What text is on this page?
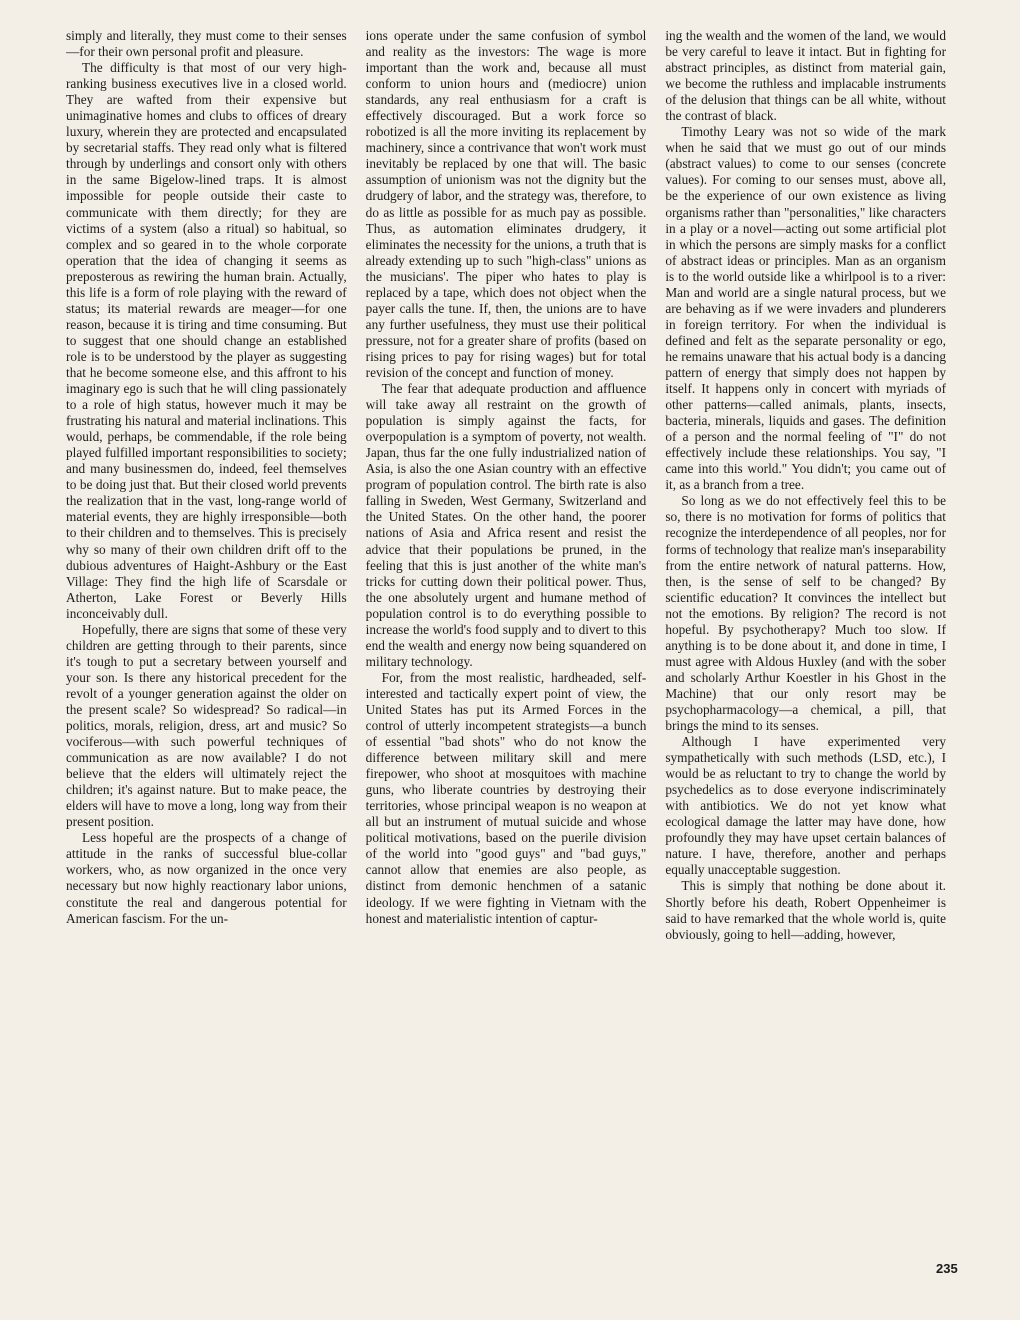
simply and literally, they must come to their senses—for their own personal profit and pleasure.

The difficulty is that most of our very high-ranking business executives live in a closed world. They are wafted from their expensive but unimaginative homes and clubs to offices of dreary luxury, wherein they are protected and encapsulated by secretarial staffs. They read only what is filtered through by underlings and consort only with others in the same Bigelow-lined traps. It is almost impossible for people outside their caste to communicate with them directly; for they are victims of a system (also a ritual) so habitual, so complex and so geared in to the whole corporate operation that the idea of changing it seems as preposterous as rewiring the human brain. Actually, this life is a form of role playing with the reward of status; its material rewards are meager—for one reason, because it is tiring and time consuming. But to suggest that one should change an established role is to be understood by the player as suggesting that he become someone else, and this affront to his imaginary ego is such that he will cling passionately to a role of high status, however much it may be frustrating his natural and material inclinations. This would, perhaps, be commendable, if the role being played fulfilled important responsibilities to society; and many businessmen do, indeed, feel themselves to be doing just that. But their closed world prevents the realization that in the vast, long-range world of material events, they are highly irresponsible—both to their children and to themselves. This is precisely why so many of their own children drift off to the dubious adventures of Haight-Ashbury or the East Village: They find the high life of Scarsdale or Atherton, Lake Forest or Beverly Hills inconceivably dull.

Hopefully, there are signs that some of these very children are getting through to their parents, since it's tough to put a secretary between yourself and your son. Is there any historical precedent for the revolt of a younger generation against the older on the present scale? So widespread? So radical—in politics, morals, religion, dress, art and music? So vociferous—with such powerful techniques of communication as are now available? I do not believe that the elders will ultimately reject the children; it's against nature. But to make peace, the elders will have to move a long, long way from their present position.

Less hopeful are the prospects of a change of attitude in the ranks of successful blue-collar workers, who, as now organized in the once very necessary but now highly reactionary labor unions, constitute the real and dangerous potential for American fascism. For the un-

ions operate under the same confusion of symbol and reality as the investors: The wage is more important than the work and, because all must conform to union hours and (mediocre) union standards, any real enthusiasm for a craft is effectively discouraged. But a work force so robotized is all the more inviting its replacement by machinery, since a contrivance that won't work must inevitably be replaced by one that will. The basic assumption of unionism was not the dignity but the drudgery of labor, and the strategy was, therefore, to do as little as possible for as much pay as possible. Thus, as automation eliminates drudgery, it eliminates the necessity for the unions, a truth that is already extending up to such "high-class" unions as the musicians'. The piper who hates to play is replaced by a tape, which does not object when the payer calls the tune. If, then, the unions are to have any further usefulness, they must use their political pressure, not for a greater share of profits (based on rising prices to pay for rising wages) but for total revision of the concept and function of money.

The fear that adequate production and affluence will take away all restraint on the growth of population is simply against the facts, for overpopulation is a symptom of poverty, not wealth. Japan, thus far the one fully industrialized nation of Asia, is also the one Asian country with an effective program of population control. The birth rate is also falling in Sweden, West Germany, Switzerland and the United States. On the other hand, the poorer nations of Asia and Africa resent and resist the advice that their populations be pruned, in the feeling that this is just another of the white man's tricks for cutting down their political power. Thus, the one absolutely urgent and humane method of population control is to do everything possible to increase the world's food supply and to divert to this end the wealth and energy now being squandered on military technology.

For, from the most realistic, hardheaded, self-interested and tactically expert point of view, the United States has put its Armed Forces in the control of utterly incompetent strategists—a bunch of essential "bad shots" who do not know the difference between military skill and mere firepower, who shoot at mosquitoes with machine guns, who liberate countries by destroying their territories, whose principal weapon is no weapon at all but an instrument of mutual suicide and whose political motivations, based on the puerile division of the world into "good guys" and "bad guys," cannot allow that enemies are also people, as distinct from demonic henchmen of a satanic ideology. If we were fighting in Vietnam with the honest and materialistic intention of captur-

ing the wealth and the women of the land, we would be very careful to leave it intact. But in fighting for abstract principles, as distinct from material gain, we become the ruthless and implacable instruments of the delusion that things can be all white, without the contrast of black.

Timothy Leary was not so wide of the mark when he said that we must go out of our minds (abstract values) to come to our senses (concrete values). For coming to our senses must, above all, be the experience of our own existence as living organisms rather than "personalities," like characters in a play or a novel—acting out some artificial plot in which the persons are simply masks for a conflict of abstract ideas or principles. Man as an organism is to the world outside like a whirlpool is to a river: Man and world are a single natural process, but we are behaving as if we were invaders and plunderers in foreign territory. For when the individual is defined and felt as the separate personality or ego, he remains unaware that his actual body is a dancing pattern of energy that simply does not happen by itself. It happens only in concert with myriads of other patterns—called animals, plants, insects, bacteria, minerals, liquids and gases. The definition of a person and the normal feeling of "I" do not effectively include these relationships. You say, "I came into this world." You didn't; you came out of it, as a branch from a tree.

So long as we do not effectively feel this to be so, there is no motivation for forms of politics that recognize the interdependence of all peoples, nor for forms of technology that realize man's inseparability from the entire network of natural patterns. How, then, is the sense of self to be changed? By scientific education? It convinces the intellect but not the emotions. By religion? The record is not hopeful. By psychotherapy? Much too slow. If anything is to be done about it, and done in time, I must agree with Aldous Huxley (and with the sober and scholarly Arthur Koestler in his Ghost in the Machine) that our only resort may be psychopharmacology—a chemical, a pill, that brings the mind to its senses.

Although I have experimented very sympathetically with such methods (LSD, etc.), I would be as reluctant to try to change the world by psychedelics as to dose everyone indiscriminately with antibiotics. We do not yet know what ecological damage the latter may have done, how profoundly they may have upset certain balances of nature. I have, therefore, another and perhaps equally unacceptable suggestion.

This is simply that nothing be done about it. Shortly before his death, Robert Oppenheimer is said to have remarked that the whole world is, quite obviously, going to hell—adding, however,

235
